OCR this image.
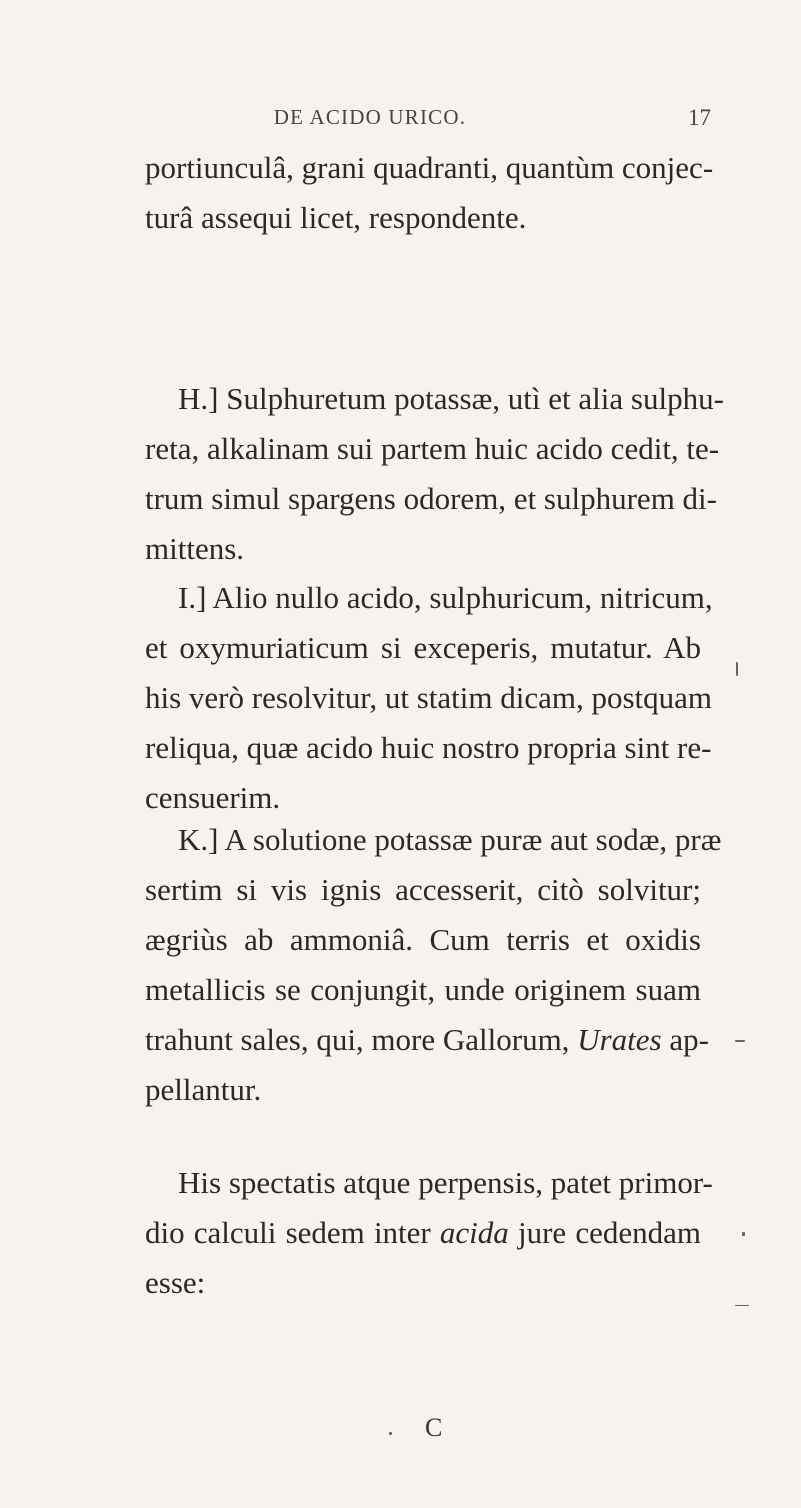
DE ACIDO URICO.	17

portiunculâ, grani quadranti, quantùm conjec-
turâ assequi licet, respondente.

H.] Sulphuretum potassæ, utì et alia sulphu-
reta, alkalinam sui partem huic acido cedit, te-
trum simul spargens odorem, et sulphurem di-
mittens.

I.] Alio nullo acido, sulphuricum, nitricum,
et oxymuriaticum si exceperis, mutatur. Ab
his verò resolvitur, ut statim dicam, postquam
reliqua, quæ acido huic nostro propria sint re-
censuerim.

K.] A solutione potassæ puræ aut sodæ, præ
sertim si vis ignis accesserit, citò solvitur;
ægriùs ab ammoniâ. Cum terris et oxidis
metallicis se conjungit, unde originem suam
trahunt sales, qui, more Gallorum, Urates ap-
pellantur.

His spectatis atque perpensis, patet primor-
dio calculi sedem inter acida jure cedendam
esse:

C
